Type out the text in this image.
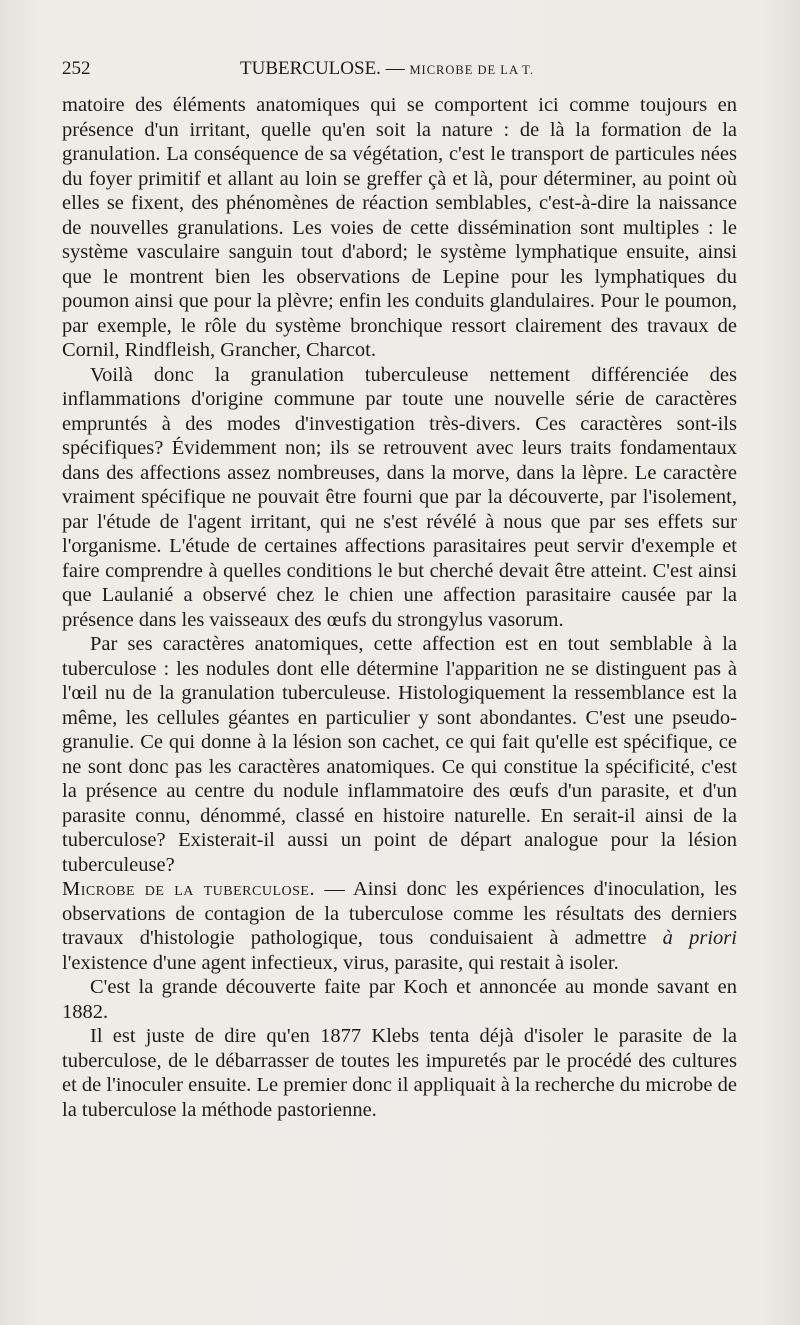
252	TUBERCULOSE. — MICROBE DE LA T.

matoire des éléments anatomiques qui se comportent ici comme toujours en présence d'un irritant, quelle qu'en soit la nature : de là la formation de la granulation. La conséquence de sa végétation, c'est le transport de particules nées du foyer primitif et allant au loin se greffer çà et là, pour déterminer, au point où elles se fixent, des phénomènes de réaction semblables, c'est-à-dire la naissance de nouvelles granulations. Les voies de cette dissémination sont multiples : le système vasculaire sanguin tout d'abord; le système lymphatique ensuite, ainsi que le montrent bien les observations de Lepine pour les lymphatiques du poumon ainsi que pour la plèvre; enfin les conduits glandulaires. Pour le poumon, par exemple, le rôle du système bronchique ressort clairement des travaux de Cornil, Rindfleish, Grancher, Charcot.

Voilà donc la granulation tuberculeuse nettement différenciée des inflammations d'origine commune par toute une nouvelle série de caractères empruntés à des modes d'investigation très-divers. Ces caractères sont-ils spécifiques? Évidemment non; ils se retrouvent avec leurs traits fondamentaux dans des affections assez nombreuses, dans la morve, dans la lèpre. Le caractère vraiment spécifique ne pouvait être fourni que par la découverte, par l'isolement, par l'étude de l'agent irritant, qui ne s'est révélé à nous que par ses effets sur l'organisme. L'étude de certaines affections parasitaires peut servir d'exemple et faire comprendre à quelles conditions le but cherché devait être atteint. C'est ainsi que Laulanié a observé chez le chien une affection parasitaire causée par la présence dans les vaisseaux des œufs du strongylus vasorum.

Par ses caractères anatomiques, cette affection est en tout semblable à la tuberculose : les nodules dont elle détermine l'apparition ne se distinguent pas à l'œil nu de la granulation tuberculeuse. Histologiquement la ressemblance est la même, les cellules géantes en particulier y sont abondantes. C'est une pseudo-granulie. Ce qui donne à la lésion son cachet, ce qui fait qu'elle est spécifique, ce ne sont donc pas les caractères anatomiques. Ce qui constitue la spécificité, c'est la présence au centre du nodule inflammatoire des œufs d'un parasite, et d'un parasite connu, dénommé, classé en histoire naturelle. En serait-il ainsi de la tuberculose? Existerait-il aussi un point de départ analogue pour la lésion tuberculeuse?

Microbe de la tuberculose. — Ainsi donc les expériences d'inoculation, les observations de contagion de la tuberculose comme les résultats des derniers travaux d'histologie pathologique, tous conduisaient à admettre à priori l'existence d'une agent infectieux, virus, parasite, qui restait à isoler.

C'est la grande découverte faite par Koch et annoncée au monde savant en 1882.

Il est juste de dire qu'en 1877 Klebs tenta déjà d'isoler le parasite de la tuberculose, de le débarrasser de toutes les impuretés par le procédé des cultures et de l'inoculer ensuite. Le premier donc il appliquait à la recherche du microbe de la tuberculose la méthode pastorienne.
